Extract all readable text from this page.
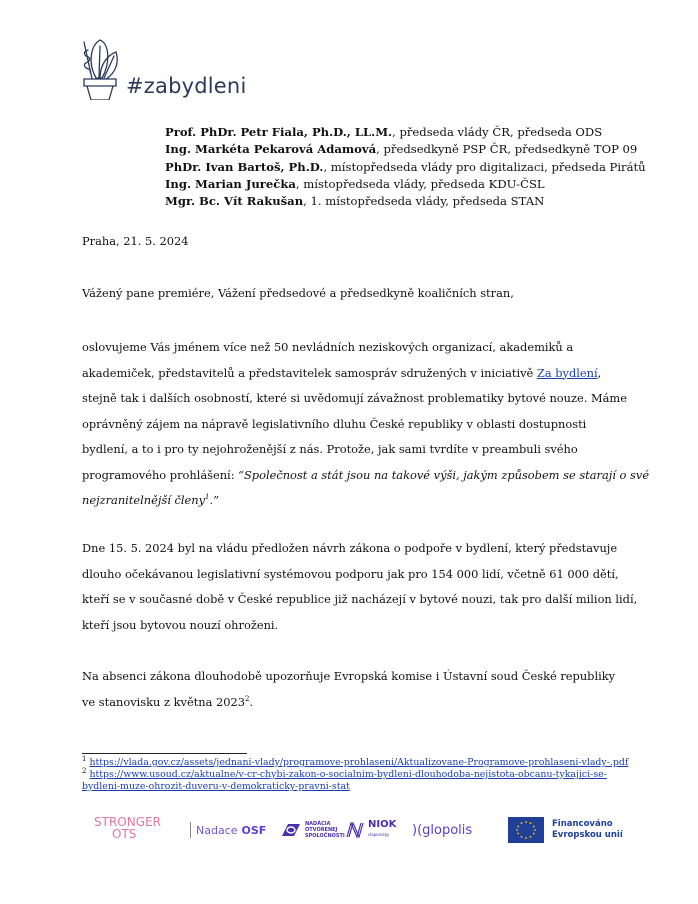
#zabydleni
Prof. PhDr. Petr Fiala, Ph.D., LL.M., předseda vlády ČR, předseda ODS
Ing. Markéta Pekarová Adamová, předsedkyně PSP ČR, předsedkyně TOP 09
PhDr. Ivan Bartoš, Ph.D., místopředseda vlády pro digitalizaci, předseda Pirátů
Ing. Marian Jurečka, místopředseda vlády, předseda KDU-ČSL
Mgr. Bc. Vít Rakušan, 1. místopředseda vlády, předseda STAN
Praha, 21. 5. 2024
Vážený pane premiére, Vážení předsedové a předsedkyně koaličních stran,
oslovujeme Vás jménem více než 50 nevládních neziskových organizací, akademiků a
akademiček, představitelů a představitelek samospráv sdružených v iniciativě Za bydlení,
stejně tak i dalších osobností, které si uvědomují závažnost problematiky bytové nouze. Máme
oprávněný zájem na nápravě legislativního dluhu České republiky v oblasti dostupnosti
bydlení, a to i pro ty nejohroženější z nás. Protože, jak sami tvrdíte v preambuli svého
programového prohlášení: “Společnost a stát jsou na takové výši, jakým způsobem se starají o své
nejzranitelnější členy$^1$.”
Dne 15. 5. 2024 byl na vládu předložen návrh zákona o podpoře v bydlení, který představuje
dlouho očekávanou legislativní systémovou podporu jak pro 154 000 lidí, včetně 61 000 dětí,
kteří se v současné době v České republice již nacházejí v bytové nouzi, tak pro další milion lidí,
kteří jsou bytovou nouzí ohroženi.
Na absenci zákona dlouhodobě upozorňuje Evropská komise i Ústavní soud České republiky
ve stanovisku z května 2023$^2$.
$^1$ https://vlada.gov.cz/assets/jednani-vlady/programove-prohlaseni/Aktualizovane-Programove-prohlaseni-vlady-.pdf
$^2$ https://www.usoud.cz/aktualne/v-cr-chybi-zakon-o-socialnim-bydleni-dlouhodoba-nejistota-obcanu-tykajici-se-
bydleni-muze-ohrozit-duveru-v-demokraticky-pravni-stat
STRONGER
OTS	Nadace OSF	NADÁCIA
OTVORENEJ
SPOLOČNOSTI
NIOK
slaporosky	)(glopolis	Financováno
Evropskou unií
